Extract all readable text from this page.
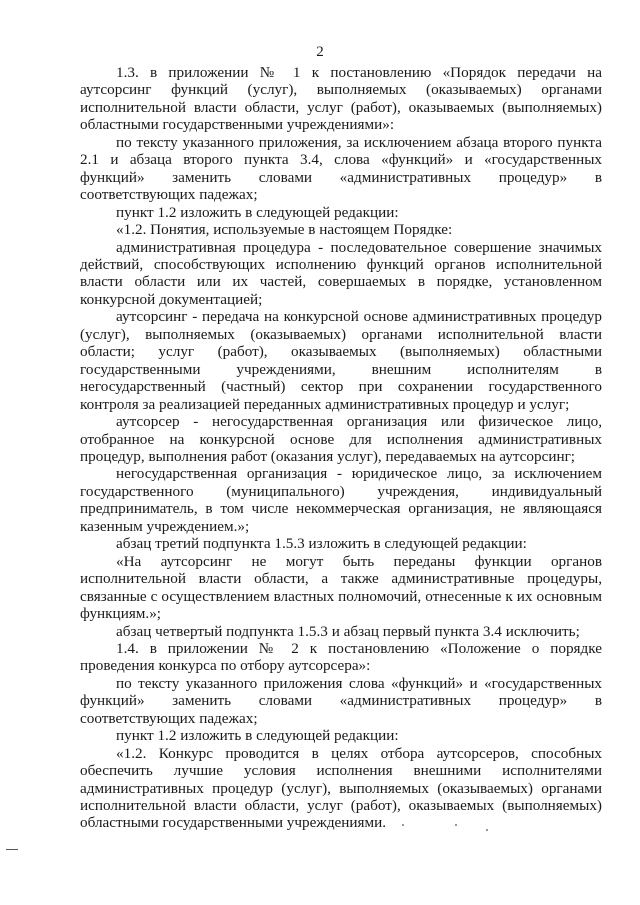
2

1.3. в приложении № 1 к постановлению «Порядок передачи на аутсорсинг функций (услуг), выполняемых (оказываемых) органами исполнительной власти области, услуг (работ), оказываемых (выполняемых) областными государственными учреждениями»:

по тексту указанного приложения, за исключением абзаца второго пункта 2.1 и абзаца второго пункта 3.4, слова «функций» и «государственных функций» заменить словами «административных процедур» в соответствующих падежах;

пункт 1.2 изложить в следующей редакции:

«1.2. Понятия, используемые в настоящем Порядке:

административная процедура - последовательное совершение значимых действий, способствующих исполнению функций органов исполнительной власти области или их частей, совершаемых в порядке, установленном конкурсной документацией;

аутсорсинг - передача на конкурсной основе административных процедур (услуг), выполняемых (оказываемых) органами исполнительной власти области; услуг (работ), оказываемых (выполняемых) областными государственными учреждениями, внешним исполнителям в негосударственный (частный) сектор при сохранении государственного контроля за реализацией переданных административных процедур и услуг;

аутсорсер - негосударственная организация или физическое лицо, отобранное на конкурсной основе для исполнения административных процедур, выполнения работ (оказания услуг), передаваемых на аутсорсинг;

негосударственная организация - юридическое лицо, за исключением государственного (муниципального) учреждения, индивидуальный предприниматель, в том числе некоммерческая организация, не являющаяся казенным учреждением.»;

абзац третий подпункта 1.5.3 изложить в следующей редакции:

«На аутсорсинг не могут быть переданы функции органов исполнительной власти области, а также административные процедуры, связанные с осуществлением властных полномочий, отнесенные к их основным функциям.»;

абзац четвертый подпункта 1.5.3 и абзац первый пункта 3.4 исключить;

1.4. в приложении № 2 к постановлению «Положение о порядке проведения конкурса по отбору аутсорсера»:

по тексту указанного приложения слова «функций» и «государственных функций» заменить словами «административных процедур» в соответствующих падежах;

пункт 1.2 изложить в следующей редакции:

«1.2. Конкурс проводится в целях отбора аутсорсеров, способных обеспечить лучшие условия исполнения внешними исполнителями административных процедур (услуг), выполняемых (оказываемых) органами исполнительной власти области, услуг (работ), оказываемых (выполняемых) областными государственными учреждениями.
